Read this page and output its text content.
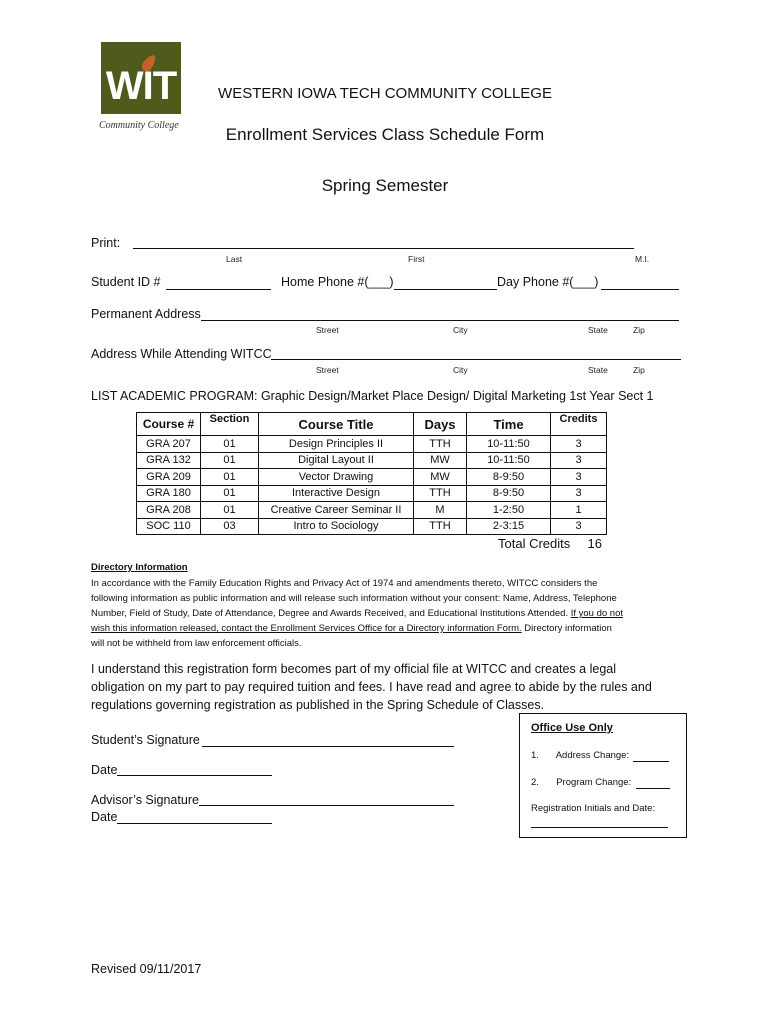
WIT
Community College
WESTERN IOWA TECH COMMUNITY COLLEGE
Enrollment Services Class Schedule Form
Spring Semester
Print:
Last	First	M.I.
Student ID #	Home Phone #(___)	Day Phone #(___)
Permanent Address
Street	City	State	Zip
Address While Attending WITCC
Street	City	State	Zip
LIST ACADEMIC PROGRAM: Graphic Design/Market Place Design/ Digital Marketing 1st Year Sect 1
Course #	Section	Course Title	Days	Time	Credits
GRA 207	01	Design Principles II	TTH	10-11:50	3
GRA 132	01	Digital Layout II	MW	10-11:50	3
GRA 209	01	Vector Drawing	MW	8-9:50	3
GRA 180	01	Interactive Design	TTH	8-9:50	3
GRA 208	01	Creative Career Seminar II	M	1-2:50	1
SOC 110	03	Intro to Sociology	TTH	2-3:15	3
Total Credits 16
Directory Information
In accordance with the Family Education Rights and Privacy Act of 1974 and amendments thereto, WITCC considers the
following information as public information and will release such information without your consent: Name, Address, Telephone
Number, Field of Study, Date of Attendance, Degree and Awards Received, and Educational Institutions Attended. If you do not
wish this information released, contact the Enrollment Services Office for a Directory information Form. Directory information
will not be withheld from law enforcement officials.
I understand this registration form becomes part of my official file at WITCC and creates a legal
obligation on my part to pay required tuition and fees. I have read and agree to abide by the rules and
regulations governing registration as published in the Spring Schedule of Classes.
Student’s Signature
Date
Advisor’s Signature
Date
Office Use Only
1. Address Change:
2. Program Change:
Registration Initials and Date:
Revised 09/11/2017
